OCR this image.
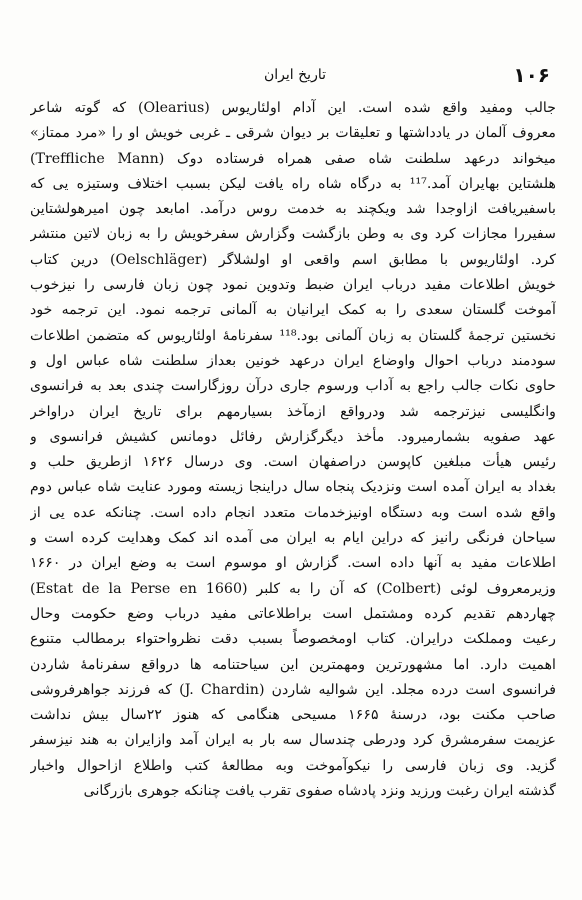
۱۰۶
تاریخ ایران
جالب ومفید واقع شده است. این آدام اولئاریوس (Olearius) که گوته شاعر
معروف آلمان در یادداشتها و تعلیقات بر دیوان شرقی ـ غربی خویش او را «مرد ممتاز»
(Treffliche Mann) میخواند درعهد سلطنت شاه صفی همراه فرستاده دوک
هلشتاین بهایران آمد.¹¹⁷ به درگاه شاه راه یافت لیکن بسبب اختلاف وستیزه یی که
باسفیریافت ازاوجدا شد ویکچند به خدمت روس درآمد. امابعد چون امیرهولشتاین
سفیررا مجازات کرد وی به وطن بازگشت وگزارش سفرخویش را به زبان لاتین منتشر
کرد. اولئاریوس با مطابق اسم واقعی او اولشلاگر (Oelschläger) درین کتاب
خویش اطلاعات مفید درباب ایران ضبط وتدوین نمود چون زبان فارسی را نیزخوب
آموخت گلستان سعدی را به کمک ایرانیان به آلمانی ترجمه نمود. این ترجمه خود
نخستین ترجمهٔ گلستان به زبان آلمانی بود.¹¹⁸ سفرنامهٔ اولئاریوس که متضمن اطلاعات
سودمند درباب احوال واوضاع ایران درعهد خونین بعداز سلطنت شاه عباس اول و
حاوی نکات جالب راجع به آداب ورسوم جاری درآن روزگاراست چندی بعد به فرانسوی
وانگلیسی نیزترجمه شد ودرواقع ازمآخذ بسیارمهم برای تاریخ ایران دراواخر
عهد صفویه بشمارمیرود. مأخذ دیگرگزارش رفائل دومانس کشیش فرانسوی و
رئیس هیأت مبلغین کاپوسن دراصفهان است. وی درسال ۱۶۲۶ ازطریق حلب و
بغداد به ایران آمده است ونزدیک پنجاه سال دراینجا زیسته ومورد عنایت شاه عباس دوم
واقع شده است وبه دستگاه اونیزخدمات متعدد انجام داده است. چنانکه عده یی از
سیاحان فرنگی رانیز که دراین ایام به ایران می آمده اند کمک وهدایت کرده است و
اطلاعات مفید به آنها داده است. گزارش او موسوم است به وضع ایران در ۱۶۶۰
(Estat de la Perse en 1660) که آن را به کلبر (Colbert) وزیرمعروف لوئی
چهاردهم تقدیم کرده ومشتمل است براطلاعاتی مفید درباب وضع حکومت وحال
رعیت ومملکت درایران. کتاب اومخصوصاً بسبب دقت نظرواحتواء برمطالب متنوع
اهمیت دارد. اما مشهورترین ومهمترین این سیاحتنامه ها درواقع سفرنامهٔ شاردن
فرانسوی است درده مجلد. این شوالیه شاردن (J. Chardin) که فرزند جواهرفروشی
صاحب مکنت بود، درسنهٔ ۱۶۶۵ مسیحی هنگامی که هنوز ۲۲سال بیش نداشت
عزیمت سفرمشرق کرد ودرطی چندسال سه بار به ایران آمد وازایران به هند نیزسفر
گزید. وی زبان فارسی را نیکوآموخت وبه مطالعهٔ کتب واطلاع ازاحوال واخبار
گذشته ایران رغبت ورزید ونزد پادشاه صفوی تقرب یافت چنانکه جوهری بازرگانی
